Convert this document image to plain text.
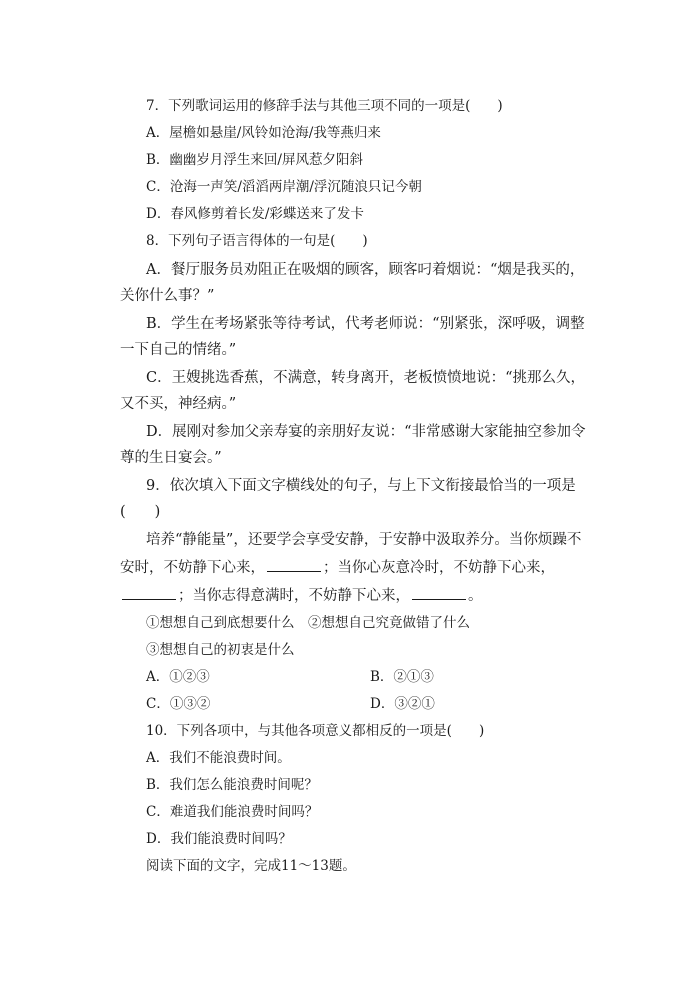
7．下列歌词运用的修辞手法与其他三项不同的一项是(　　)
A．屋檐如悬崖/风铃如沧海/我等燕归来
B．幽幽岁月浮生来回/屏风惹夕阳斜
C．沧海一声笑/滔滔两岸潮/浮沉随浪只记今朝
D．春风修剪着长发/彩蝶送来了发卡
8．下列句子语言得体的一句是(　　)
A．餐厅服务员劝阻正在吸烟的顾客，顾客叼着烟说：“烟是我买的，
关你什么事？”
B．学生在考场紧张等待考试，代考老师说：“别紧张，深呼吸，调整
一下自己的情绪。”
C．王嫂挑选香蕉，不满意，转身离开，老板愤愤地说：“挑那么久，
又不买，神经病。”
D．展刚对参加父亲寿宴的亲朋好友说：“非常感谢大家能抽空参加令
尊的生日宴会。”
9．依次填入下面文字横线处的句子，与上下文衔接最恰当的一项是
(　　)
培养“静能量”，还要学会享受安静，于安静中汲取养分。当你烦躁不
安时，不妨静下心来，	；当你心灰意冷时，不妨静下心来，
；当你志得意满时，不妨静下心来，	。
①想想自己到底想要什么　②想想自己究竟做错了什么
③想想自己的初衷是什么
A．①②③	B．②①③
C．①③②	D．③②①
10．下列各项中，与其他各项意义都相反的一项是(　　)
A．我们不能浪费时间。
B．我们怎么能浪费时间呢？
C．难道我们能浪费时间吗？
D．我们能浪费时间吗？
阅读下面的文字，完成11～13题。
